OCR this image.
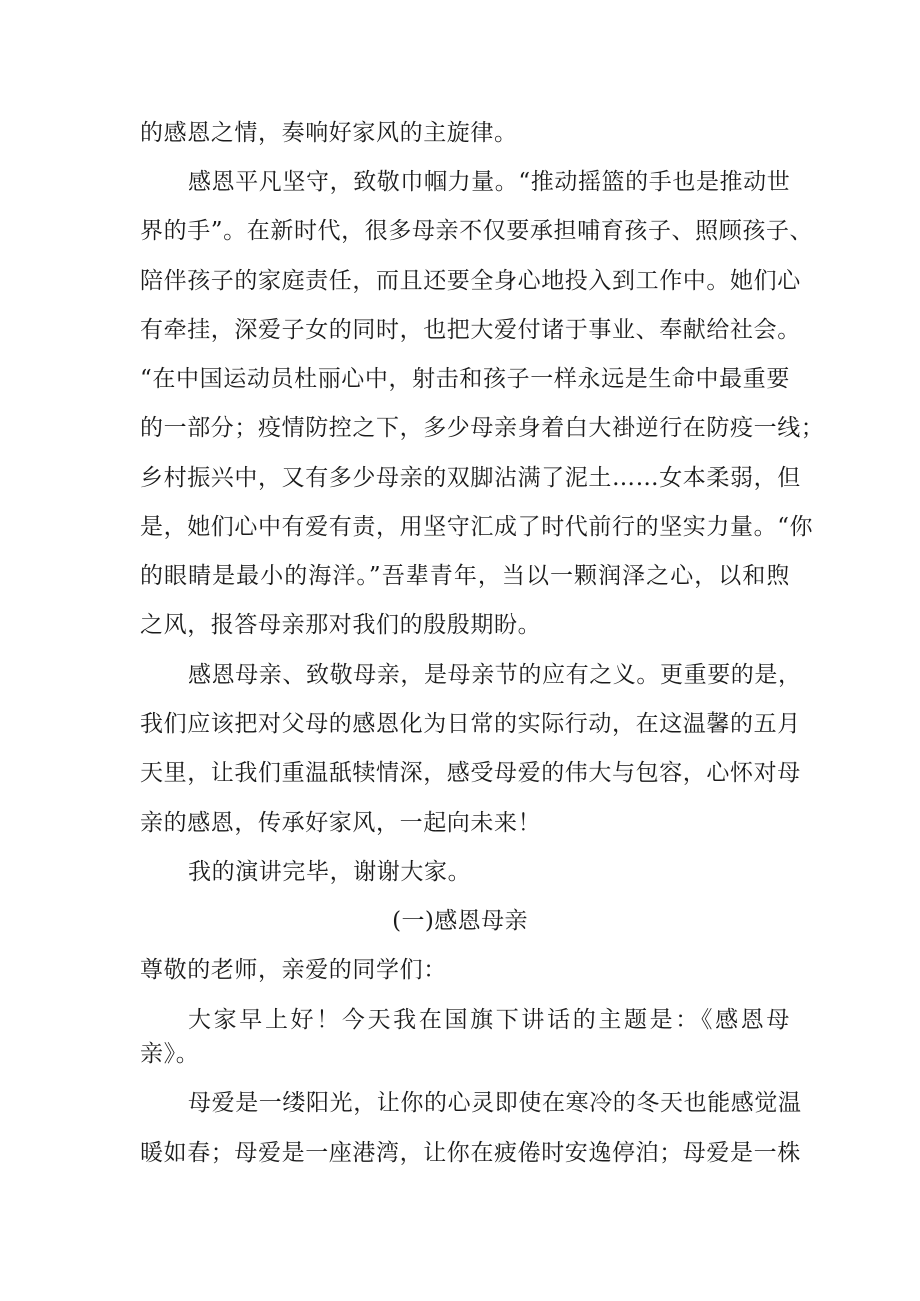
的感恩之情，奏响好家风的主旋律。
感恩平凡坚守，致敬巾帼力量。“推动摇篮的手也是推动世
界的手”。在新时代，很多母亲不仅要承担哺育孩子、照顾孩子、
陪伴孩子的家庭责任，而且还要全身心地投入到工作中。她们心
有牵挂，深爱子女的同时，也把大爱付诸于事业、奉献给社会。
“在中国运动员杜丽心中，射击和孩子一样永远是生命中最重要
的一部分；疫情防控之下，多少母亲身着白大褂逆行在防疫一线；
乡村振兴中，又有多少母亲的双脚沾满了泥土……女本柔弱，但
是，她们心中有爱有责，用坚守汇成了时代前行的坚实力量。“你
的眼睛是最小的海洋。”吾辈青年，当以一颗润泽之心，以和煦
之风，报答母亲那对我们的殷殷期盼。
感恩母亲、致敬母亲，是母亲节的应有之义。更重要的是，
我们应该把对父母的感恩化为日常的实际行动，在这温馨的五月
天里，让我们重温舐犊情深，感受母爱的伟大与包容，心怀对母
亲的感恩，传承好家风，一起向未来！
我的演讲完毕，谢谢大家。
(一)感恩母亲
尊敬的老师，亲爱的同学们：
大家早上好！今天我在国旗下讲话的主题是：《感恩母
亲》。
母爱是一缕阳光，让你的心灵即使在寒冷的冬天也能感觉温
暖如春；母爱是一座港湾，让你在疲倦时安逸停泊；母爱是一株
